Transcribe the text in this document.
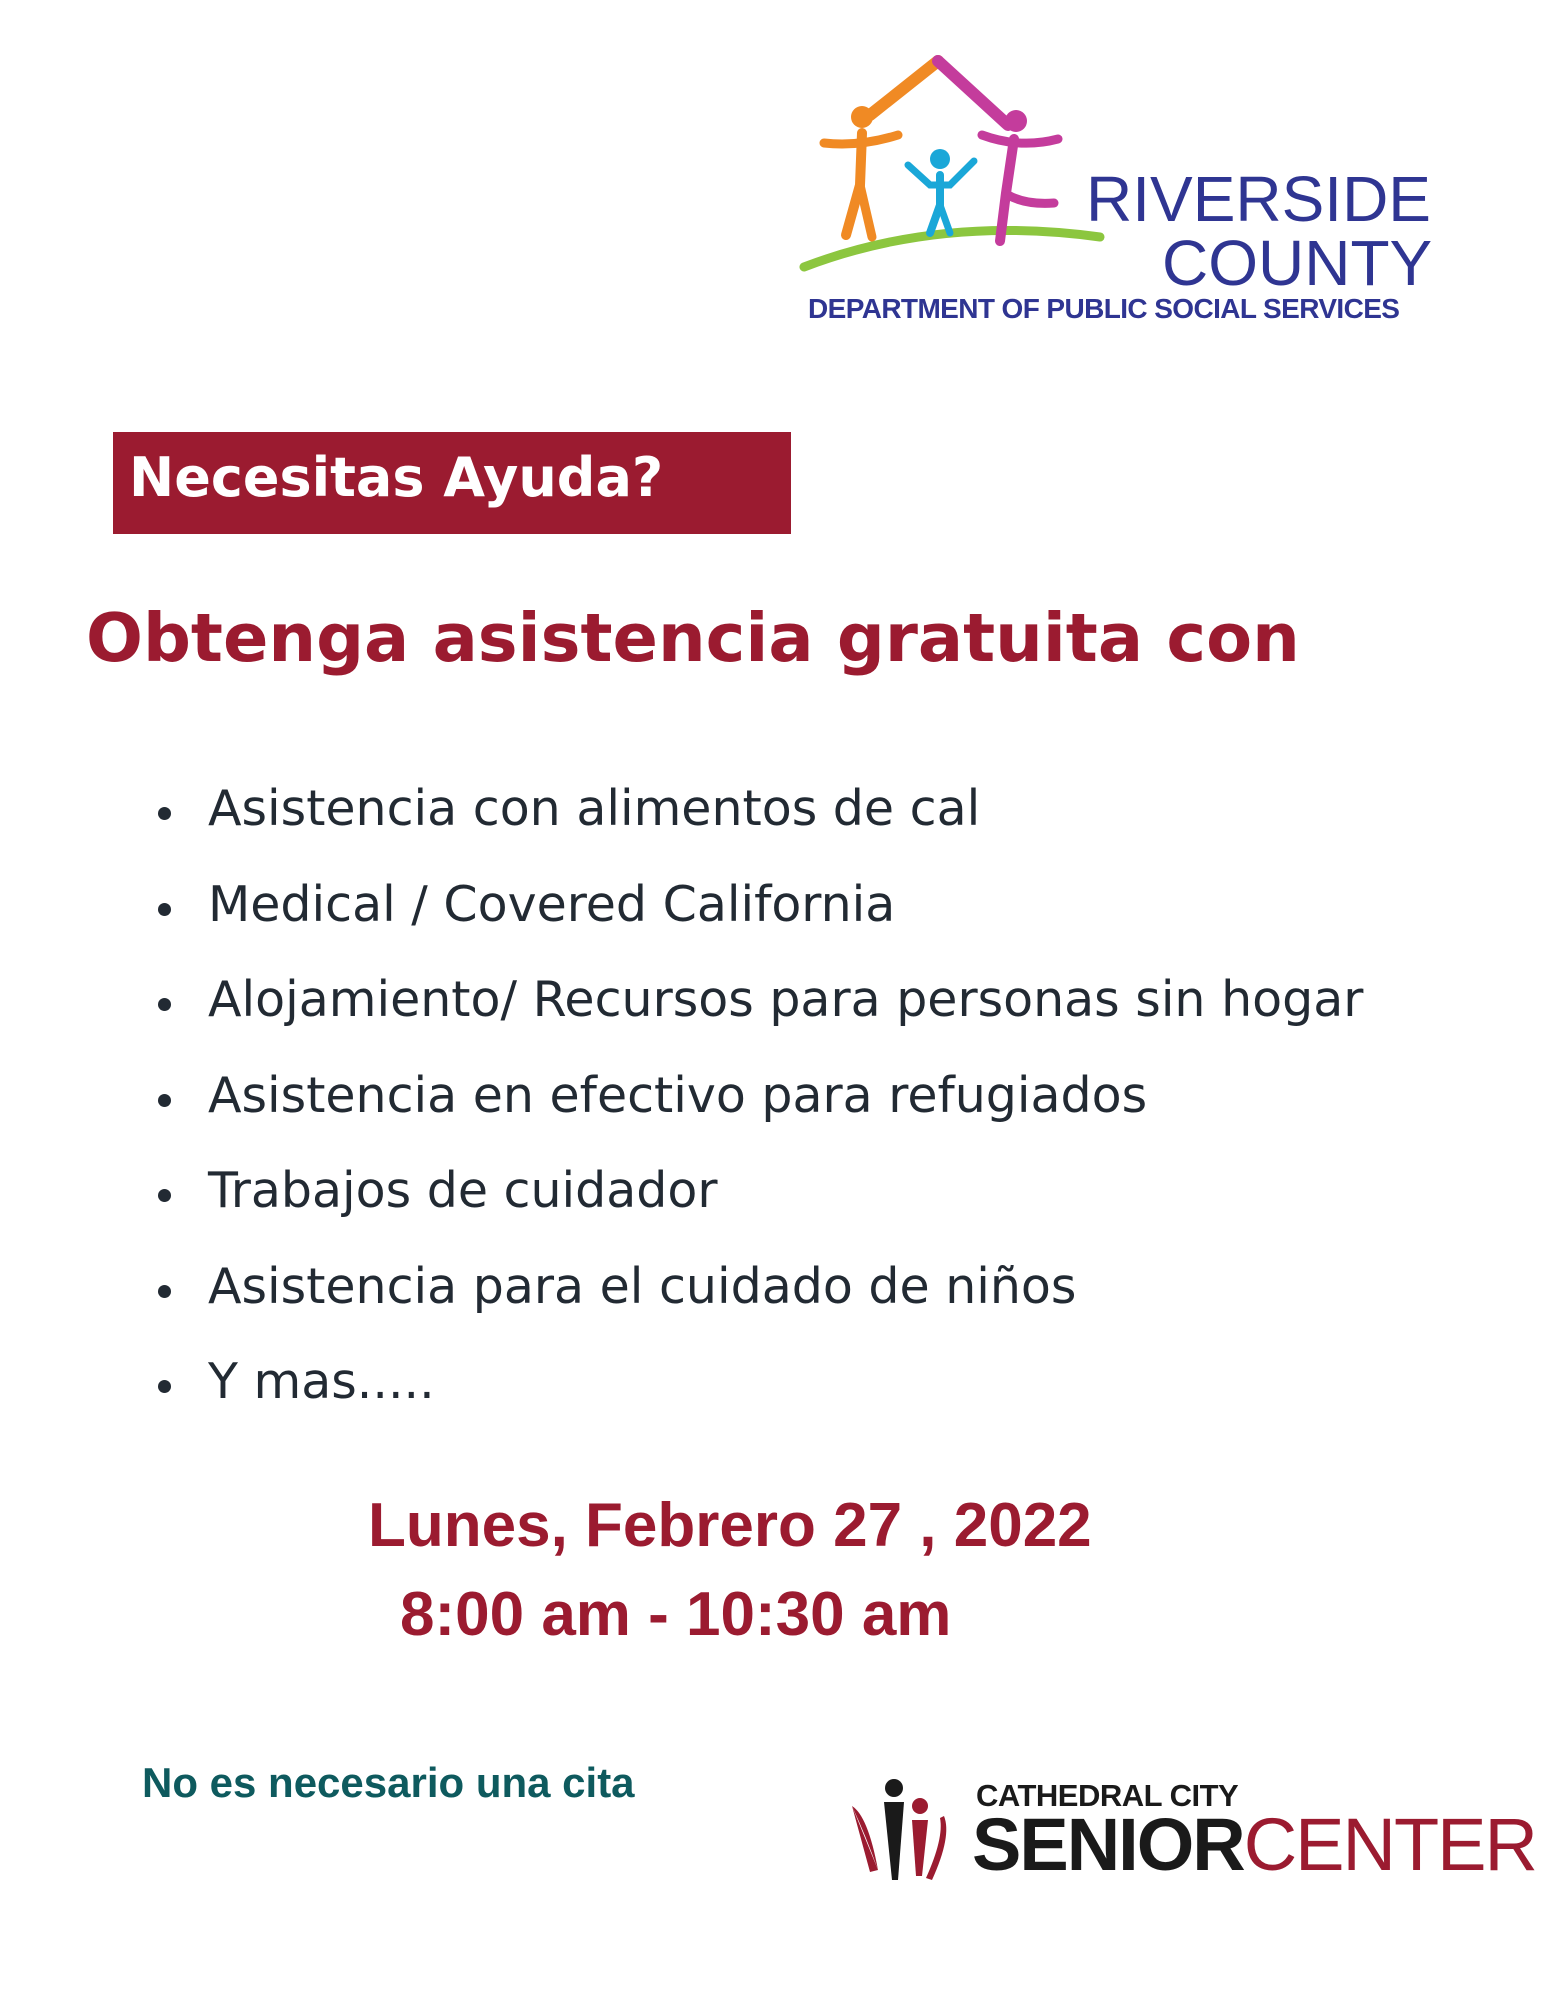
RIVERSIDE
COUNTY
DEPARTMENT OF PUBLIC SOCIAL SERVICES
Necesitas Ayuda?
Obtenga asistencia gratuita con
Asistencia con alimentos de cal
Medical / Covered California
Alojamiento/ Recursos para personas sin hogar
Asistencia en efectivo para refugiados
Trabajos de cuidador
Asistencia para el cuidado de niños
Y mas.....
Lunes, Febrero 27 , 2022
8:00 am - 10:30 am
No es necesario una cita	CATHEDRAL CITY
SENIORCENTER
